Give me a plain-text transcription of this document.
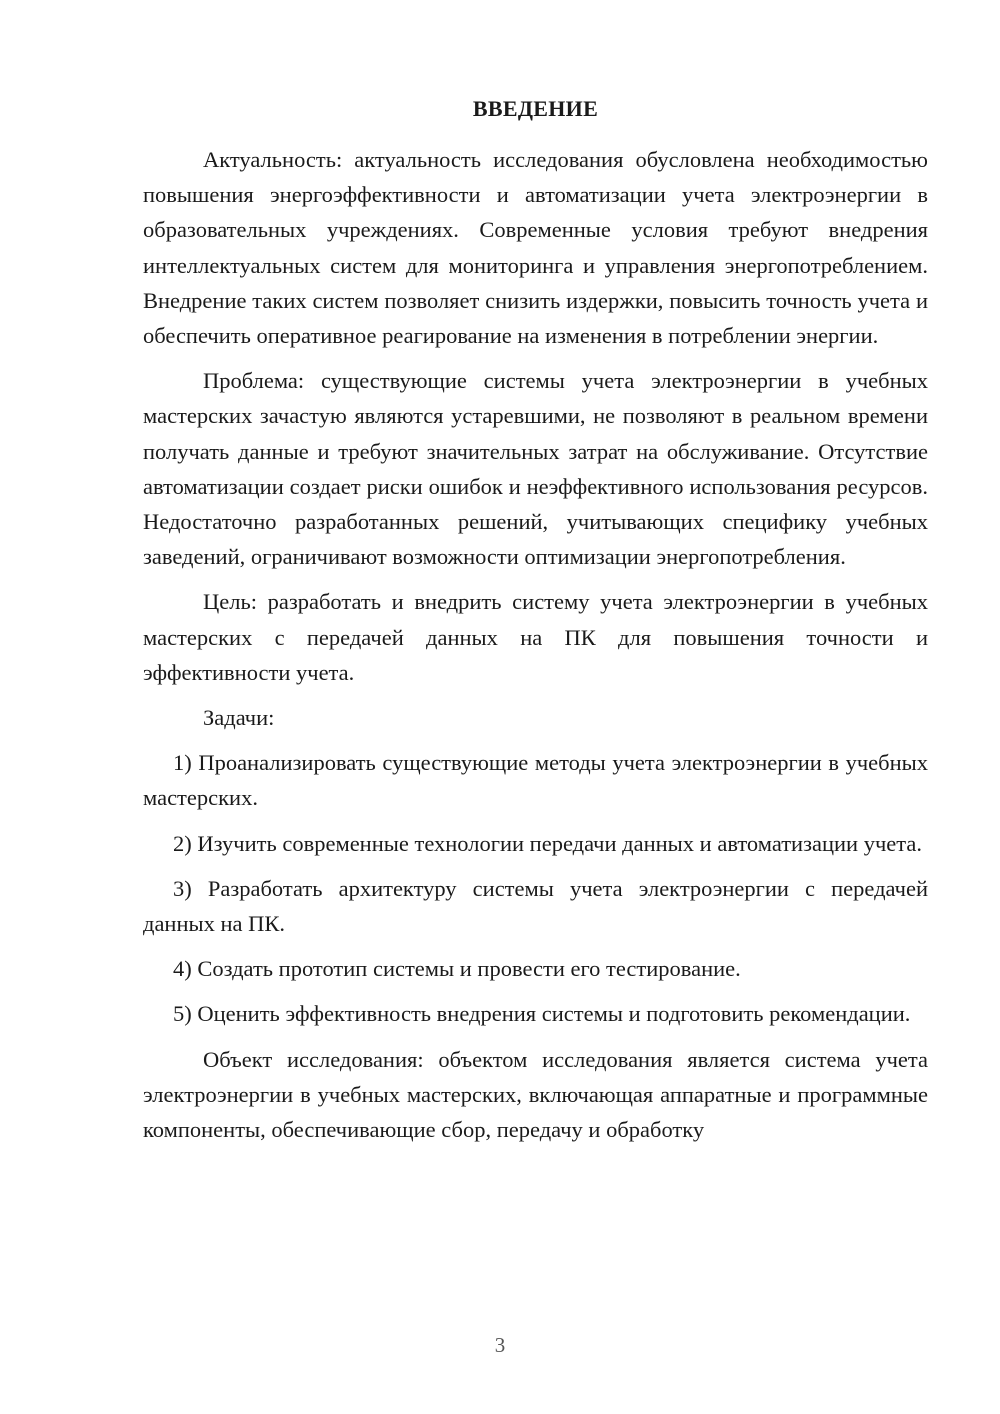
ВВЕДЕНИЕ

Актуальность: актуальность исследования обусловлена необходимостью повышения энергоэффективности и автоматизации учета электроэнергии в образовательных учреждениях. Современные условия требуют внедрения интеллектуальных систем для мониторинга и управления энергопотреблением. Внедрение таких систем позволяет снизить издержки, повысить точность учета и обеспечить оперативное реагирование на изменения в потреблении энергии.

Проблема: существующие системы учета электроэнергии в учебных мастерских зачастую являются устаревшими, не позволяют в реальном времени получать данные и требуют значительных затрат на обслуживание. Отсутствие автоматизации создает риски ошибок и неэффективного использования ресурсов. Недостаточно разработанных решений, учитывающих специфику учебных заведений, ограничивают возможности оптимизации энергопотребления.

Цель: разработать и внедрить систему учета электроэнергии в учебных мастерских с передачей данных на ПК для повышения точности и эффективности учета.

Задачи:

1) Проанализировать существующие методы учета электроэнергии в учебных мастерских.

2) Изучить современные технологии передачи данных и автоматизации учета.

3) Разработать архитектуру системы учета электроэнергии с передачей данных на ПК.

4) Создать прототип системы и провести его тестирование.

5) Оценить эффективность внедрения системы и подготовить рекомендации.

Объект исследования: объектом исследования является система учета электроэнергии в учебных мастерских, включающая аппаратные и программные компоненты, обеспечивающие сбор, передачу и обработку

3
